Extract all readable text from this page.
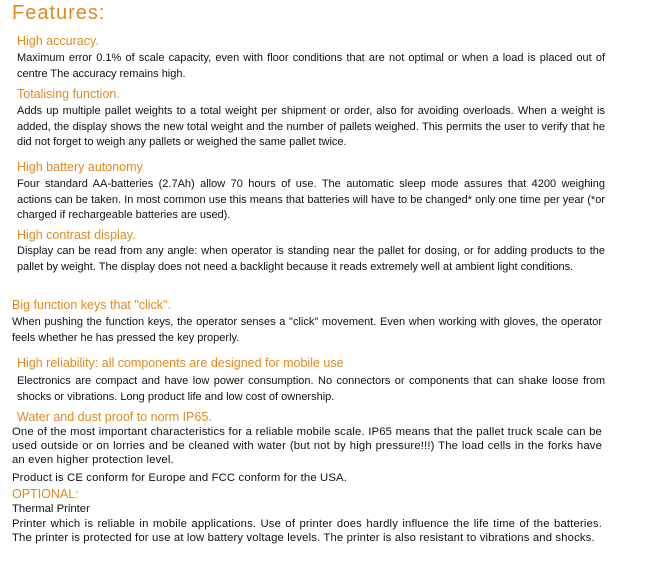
Features:
High accuracy.
Maximum error 0.1% of scale capacity, even with floor conditions that are not optimal or when a load is placed out of centre The accuracy remains high.
Totalising function.
Adds up multiple pallet weights to a total weight per shipment or order, also for avoiding overloads. When a weight is added, the display shows the new total weight and the number of pallets weighed. This permits the user to verify that he did not forget to weigh any pallets or weighed the same pallet twice.
High battery autonomy
Four standard AA-batteries (2.7Ah) allow 70 hours of use. The automatic sleep mode assures that 4200 weighing actions can be taken. In most common use this means that batteries will have to be changed* only one time per year (*or charged if rechargeable batteries are used).
High contrast display.
Display can be read from any angle: when operator is standing near the pallet for dosing, or for adding products to the pallet by weight. The display does not need a backlight because it reads extremely well at ambient light conditions.
Big function keys that "click".
When pushing the function keys, the operator senses a "click" movement. Even when working with gloves, the operator feels whether he has pressed the key properly.
High reliability: all components are designed for mobile use
Electronics are compact and have low power consumption. No connectors or components that can shake loose from shocks or vibrations. Long product life and low cost of ownership.
Water and dust proof to norm IP65.
One of the most important characteristics for a reliable mobile scale. IP65 means that the pallet truck scale can be used outside or on lorries and be cleaned with water (but not by high pressure!!!) The load cells in the forks have an even higher protection level.
Product is CE conform for Europe and FCC conform for the USA.
OPTIONAL:
Thermal Printer
Printer which is reliable in mobile applications. Use of printer does hardly influence the life time of the batteries. The printer is protected for use at low battery voltage levels. The printer is also resistant to vibrations and shocks.
